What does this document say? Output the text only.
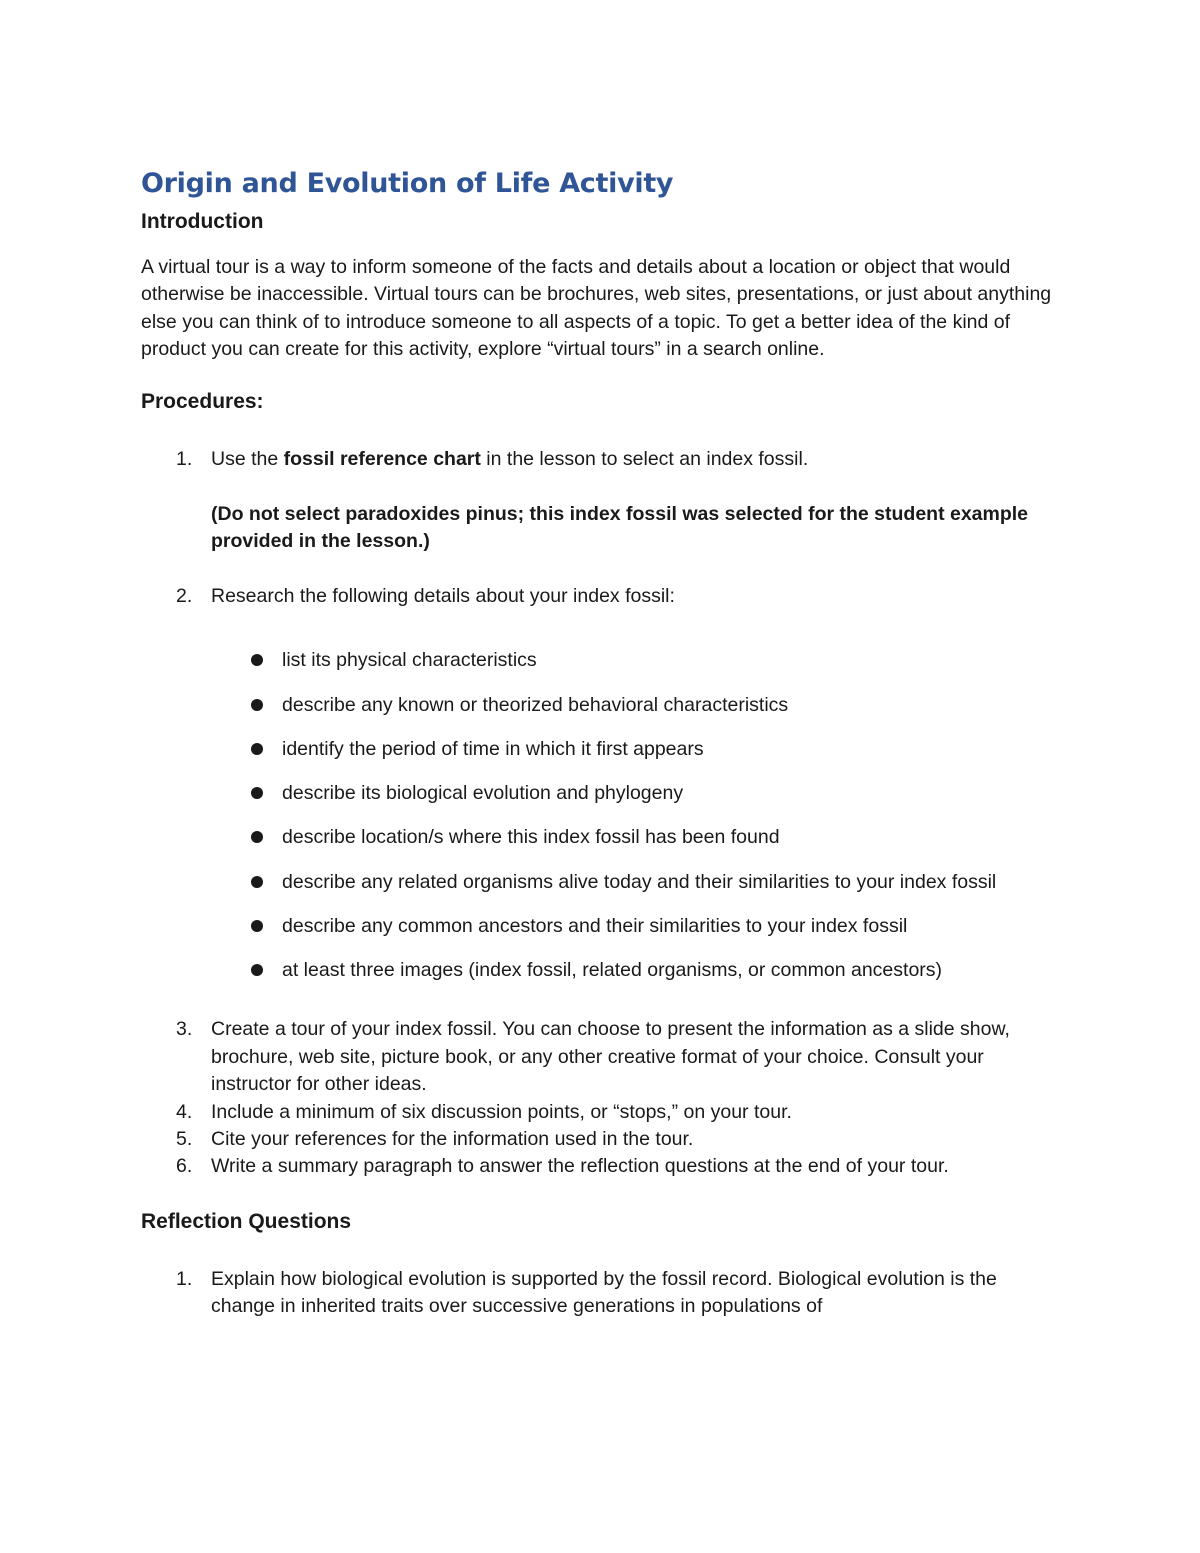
Origin and Evolution of Life Activity
Introduction

A virtual tour is a way to inform someone of the facts and details about a location or object that would otherwise be inaccessible. Virtual tours can be brochures, web sites, presentations, or just about anything else you can think of to introduce someone to all aspects of a topic. To get a better idea of the kind of product you can create for this activity, explore “virtual tours” in a search online.

Procedures:
1. Use the fossil reference chart in the lesson to select an index fossil.
(Do not select paradoxides pinus; this index fossil was selected for the student example provided in the lesson.)
2. Research the following details about your index fossil:
list its physical characteristics
describe any known or theorized behavioral characteristics
identify the period of time in which it first appears
describe its biological evolution and phylogeny
describe location/s where this index fossil has been found
describe any related organisms alive today and their similarities to your index fossil
describe any common ancestors and their similarities to your index fossil
at least three images (index fossil, related organisms, or common ancestors)
3. Create a tour of your index fossil. You can choose to present the information as a slide show, brochure, web site, picture book, or any other creative format of your choice. Consult your instructor for other ideas.
4. Include a minimum of six discussion points, or “stops,” on your tour.
5. Cite your references for the information used in the tour.
6. Write a summary paragraph to answer the reflection questions at the end of your tour.
Reflection Questions
1. Explain how biological evolution is supported by the fossil record. Biological evolution is the change in inherited traits over successive generations in populations of
